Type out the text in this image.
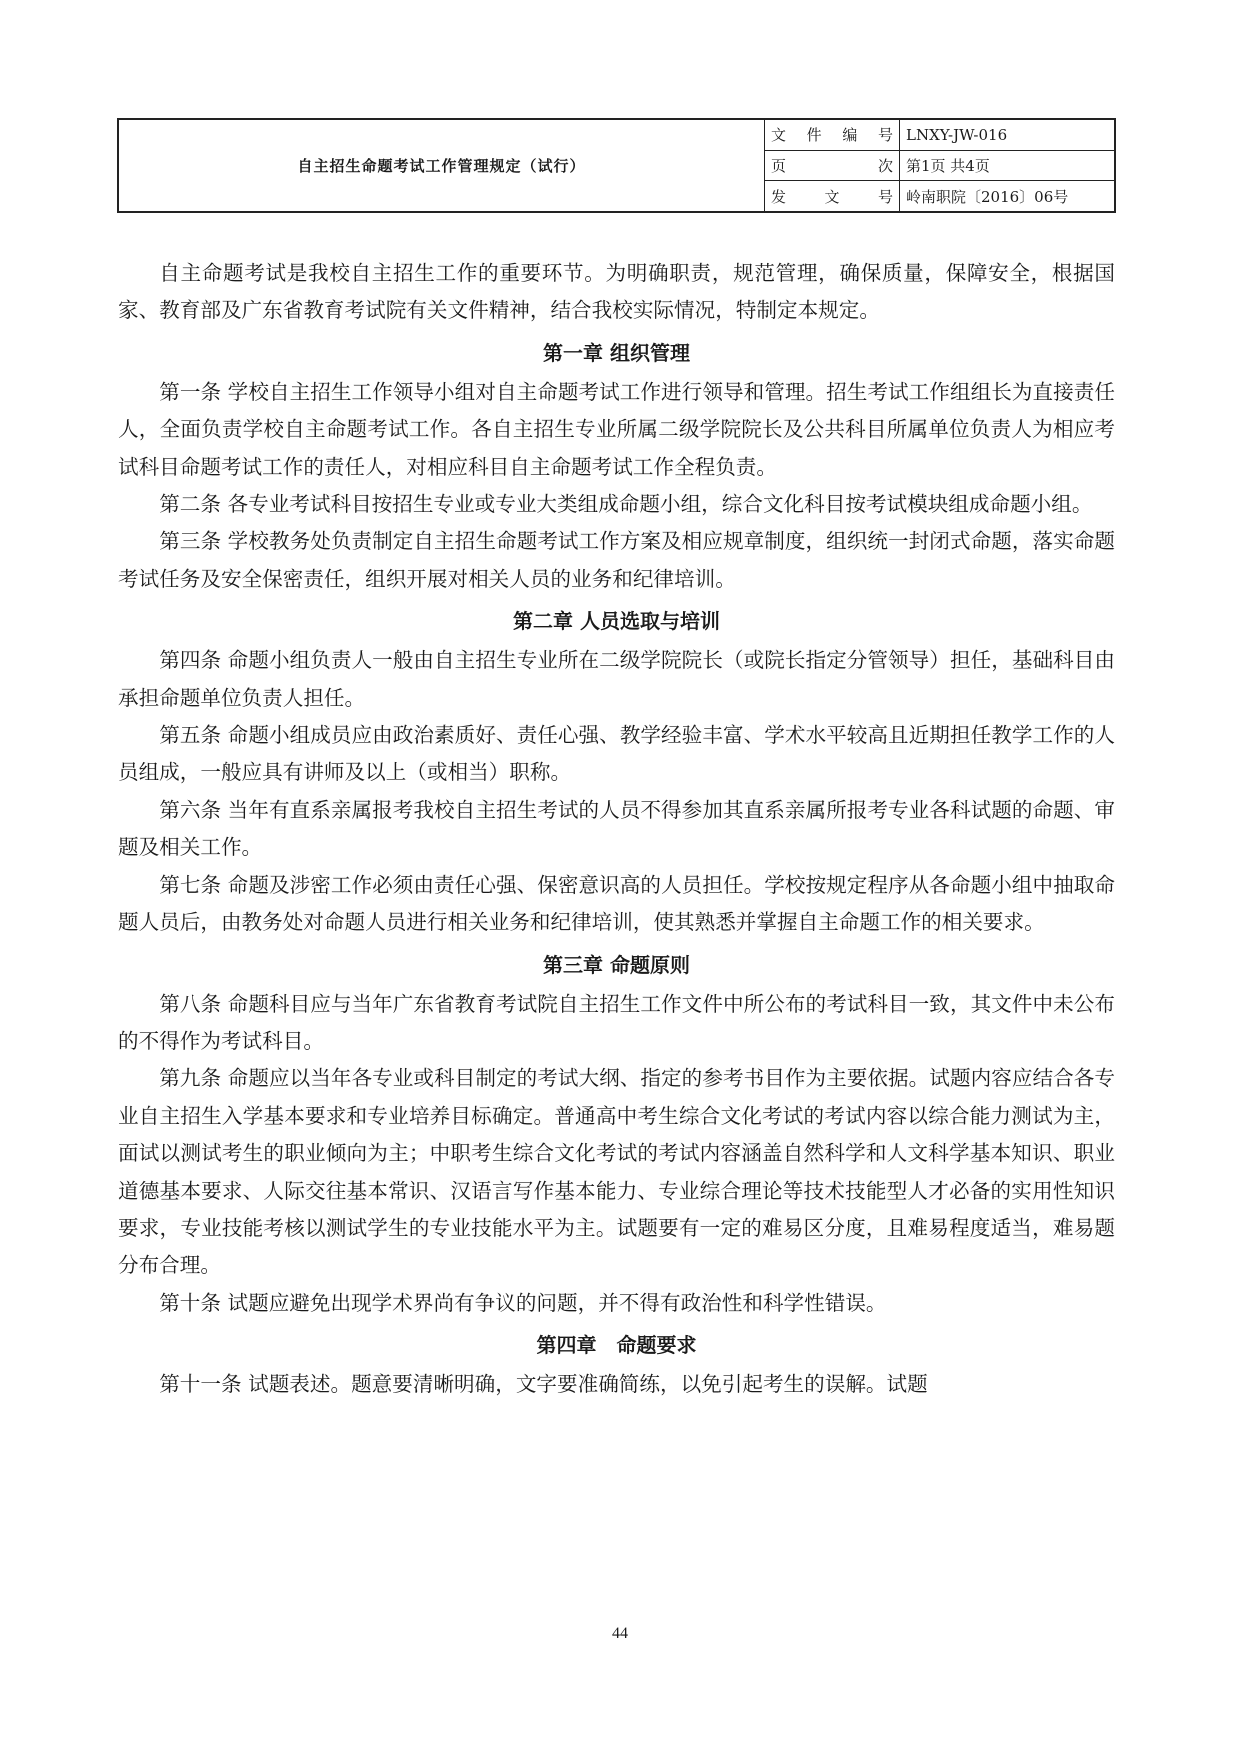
自主招生命题考试工作管理规定（试行）	文 件 编 号	LNXY-JW-016

	页 次	第1页 共4页

	发 文 号	岭南职院〔2016〕06号

自主命题考试是我校自主招生工作的重要环节。为明确职责，规范管理，确保质量，保障安全，根据国家、教育部及广东省教育考试院有关文件精神，结合我校实际情况，特制定本规定。

第一章 组织管理

第一条 学校自主招生工作领导小组对自主命题考试工作进行领导和管理。招生考试工作组组长为直接责任人，全面负责学校自主命题考试工作。各自主招生专业所属二级学院院长及公共科目所属单位负责人为相应考试科目命题考试工作的责任人，对相应科目自主命题考试工作全程负责。

第二条 各专业考试科目按招生专业或专业大类组成命题小组，综合文化科目按考试模块组成命题小组。

第三条 学校教务处负责制定自主招生命题考试工作方案及相应规章制度，组织统一封闭式命题，落实命题考试任务及安全保密责任，组织开展对相关人员的业务和纪律培训。

第二章 人员选取与培训

第四条 命题小组负责人一般由自主招生专业所在二级学院院长（或院长指定分管领导）担任，基础科目由承担命题单位负责人担任。

第五条 命题小组成员应由政治素质好、责任心强、教学经验丰富、学术水平较高且近期担任教学工作的人员组成，一般应具有讲师及以上（或相当）职称。

第六条 当年有直系亲属报考我校自主招生考试的人员不得参加其直系亲属所报考专业各科试题的命题、审题及相关工作。

第七条 命题及涉密工作必须由责任心强、保密意识高的人员担任。学校按规定程序从各命题小组中抽取命题人员后，由教务处对命题人员进行相关业务和纪律培训，使其熟悉并掌握自主命题工作的相关要求。

第三章 命题原则

第八条 命题科目应与当年广东省教育考试院自主招生工作文件中所公布的考试科目一致，其文件中未公布的不得作为考试科目。

第九条 命题应以当年各专业或科目制定的考试大纲、指定的参考书目作为主要依据。试题内容应结合各专业自主招生入学基本要求和专业培养目标确定。普通高中考生综合文化考试的考试内容以综合能力测试为主，面试以测试考生的职业倾向为主；中职考生综合文化考试的考试内容涵盖自然科学和人文科学基本知识、职业道德基本要求、人际交往基本常识、汉语言写作基本能力、专业综合理论等技术技能型人才必备的实用性知识要求，专业技能考核以测试学生的专业技能水平为主。试题要有一定的难易区分度，且难易程度适当，难易题分布合理。

第十条 试题应避免出现学术界尚有争议的问题，并不得有政治性和科学性错误。

第四章　命题要求

第十一条 试题表述。题意要清晰明确，文字要准确简练，以免引起考生的误解。试题

44
